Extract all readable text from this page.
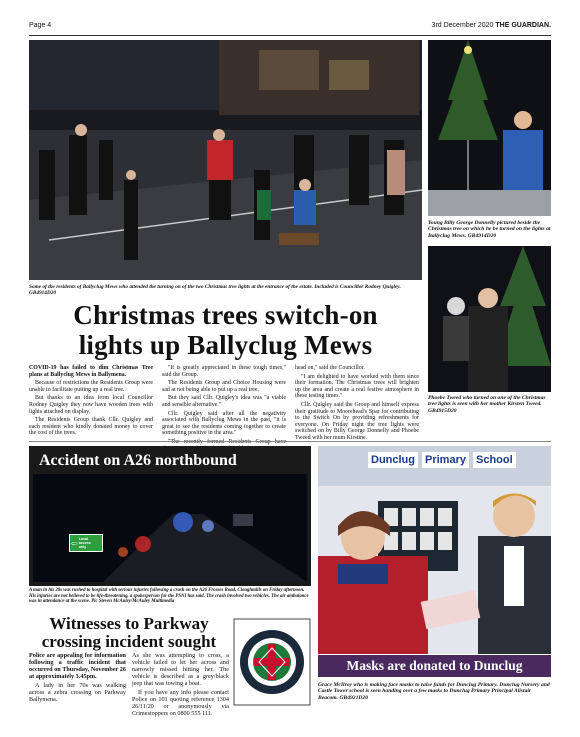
Page 4	3rd December 2020 THE GUARDIAN.
Young Billy George Donnelly pictured beside the Christmas tree on which he be turned on the lights at Ballyclug Mews. GB4914D20
Some of the residents of Ballyclug Mews who attended the turning on of the two Christmas tree lights at the entrance of the estate. Included is Councillor Rodney Quigley. GB4914D20
Christmas trees switch-on
lights up Ballyclug Mews
Phoebe Tweed who turned on one of the Christmas tree lights is seen with her mother Kirsten Tweed. GB4915D20

COVID-19 has failed to dim Christmas Tree plans at Ballyclug Mews in Ballymena.

Because of restrictions the Residents Group were unable to facilitate putting up a real tree.

But thanks to an idea from local Councillor Rodney Quigley they now have wooden trees with lights attached on display.

The Residents Group thank Cllr. Quigley and each resident who kindly donated money to cover the cost of the trees.

"It is greatly appreciated in these tough times," said the Group.

The Residents Group and Choice Housing were sad at not being able to put up a real tree.

But they said Cllr. Quigley's idea was "a viable and sensible alternative."

Cllr. Quigley said after all the negativity associated with Ballyclug Mews in the past, "it is great to see the residents coming together to create something positive in the area."

head on," said the Councillor.

"I am delighted to have worked with them since their formation. The Christmas trees will brighten up the area and create a real festive atmosphere in these testing times."

Cllr. Quigley said the Group and himself express their gratitude to Moorehead's Spar for contributing to the Switch On by providing refreshments for everyone. On Friday night the tree lights were switched on by Billy George Donnelly and Phoebe Tweed with her mum Kirstine.

Accident on A26 northbound
⇦ Local access only
A man in his 20s was rushed to hospital with serious injuries following a crash on the A26 Frosses Road, Cloughmills on Friday afternoon. His injuries are not believed to be life-threatening, a spokesperson for the PSNI has said. The crash involved two vehicles. The air ambulance was in attendance at the scene. Pic Steven McAuley/McAuley Multimedia
Witnesses to Parkway
crossing incident sought

Police are appealing for information following a traffic incident that occurred on Thursday, November 26 at approximately 3.45pm.

A lady in her 70s was walking across a zebra crossing on Parkway Ballymena.

As she was attempting to cross, a vehicle failed to let her across and narrowly missed hitting her. The vehicle is described as a grey/black jeep that was towing a boat.

If you have any info please contact Police on 101 quoting reference 1304 26/11/20 or anonymously via Crimestoppers on 0800 555 111.

Dunclug Primary School
Masks are donated to Dunclug
Grace McIlroy who is making face masks to raise funds for Dunclug Primary. Dunclug Nursery and Castle Tower school is seen handing over a few masks to Dunclug Primary Principal Alistair Beacom. GB4921D20
